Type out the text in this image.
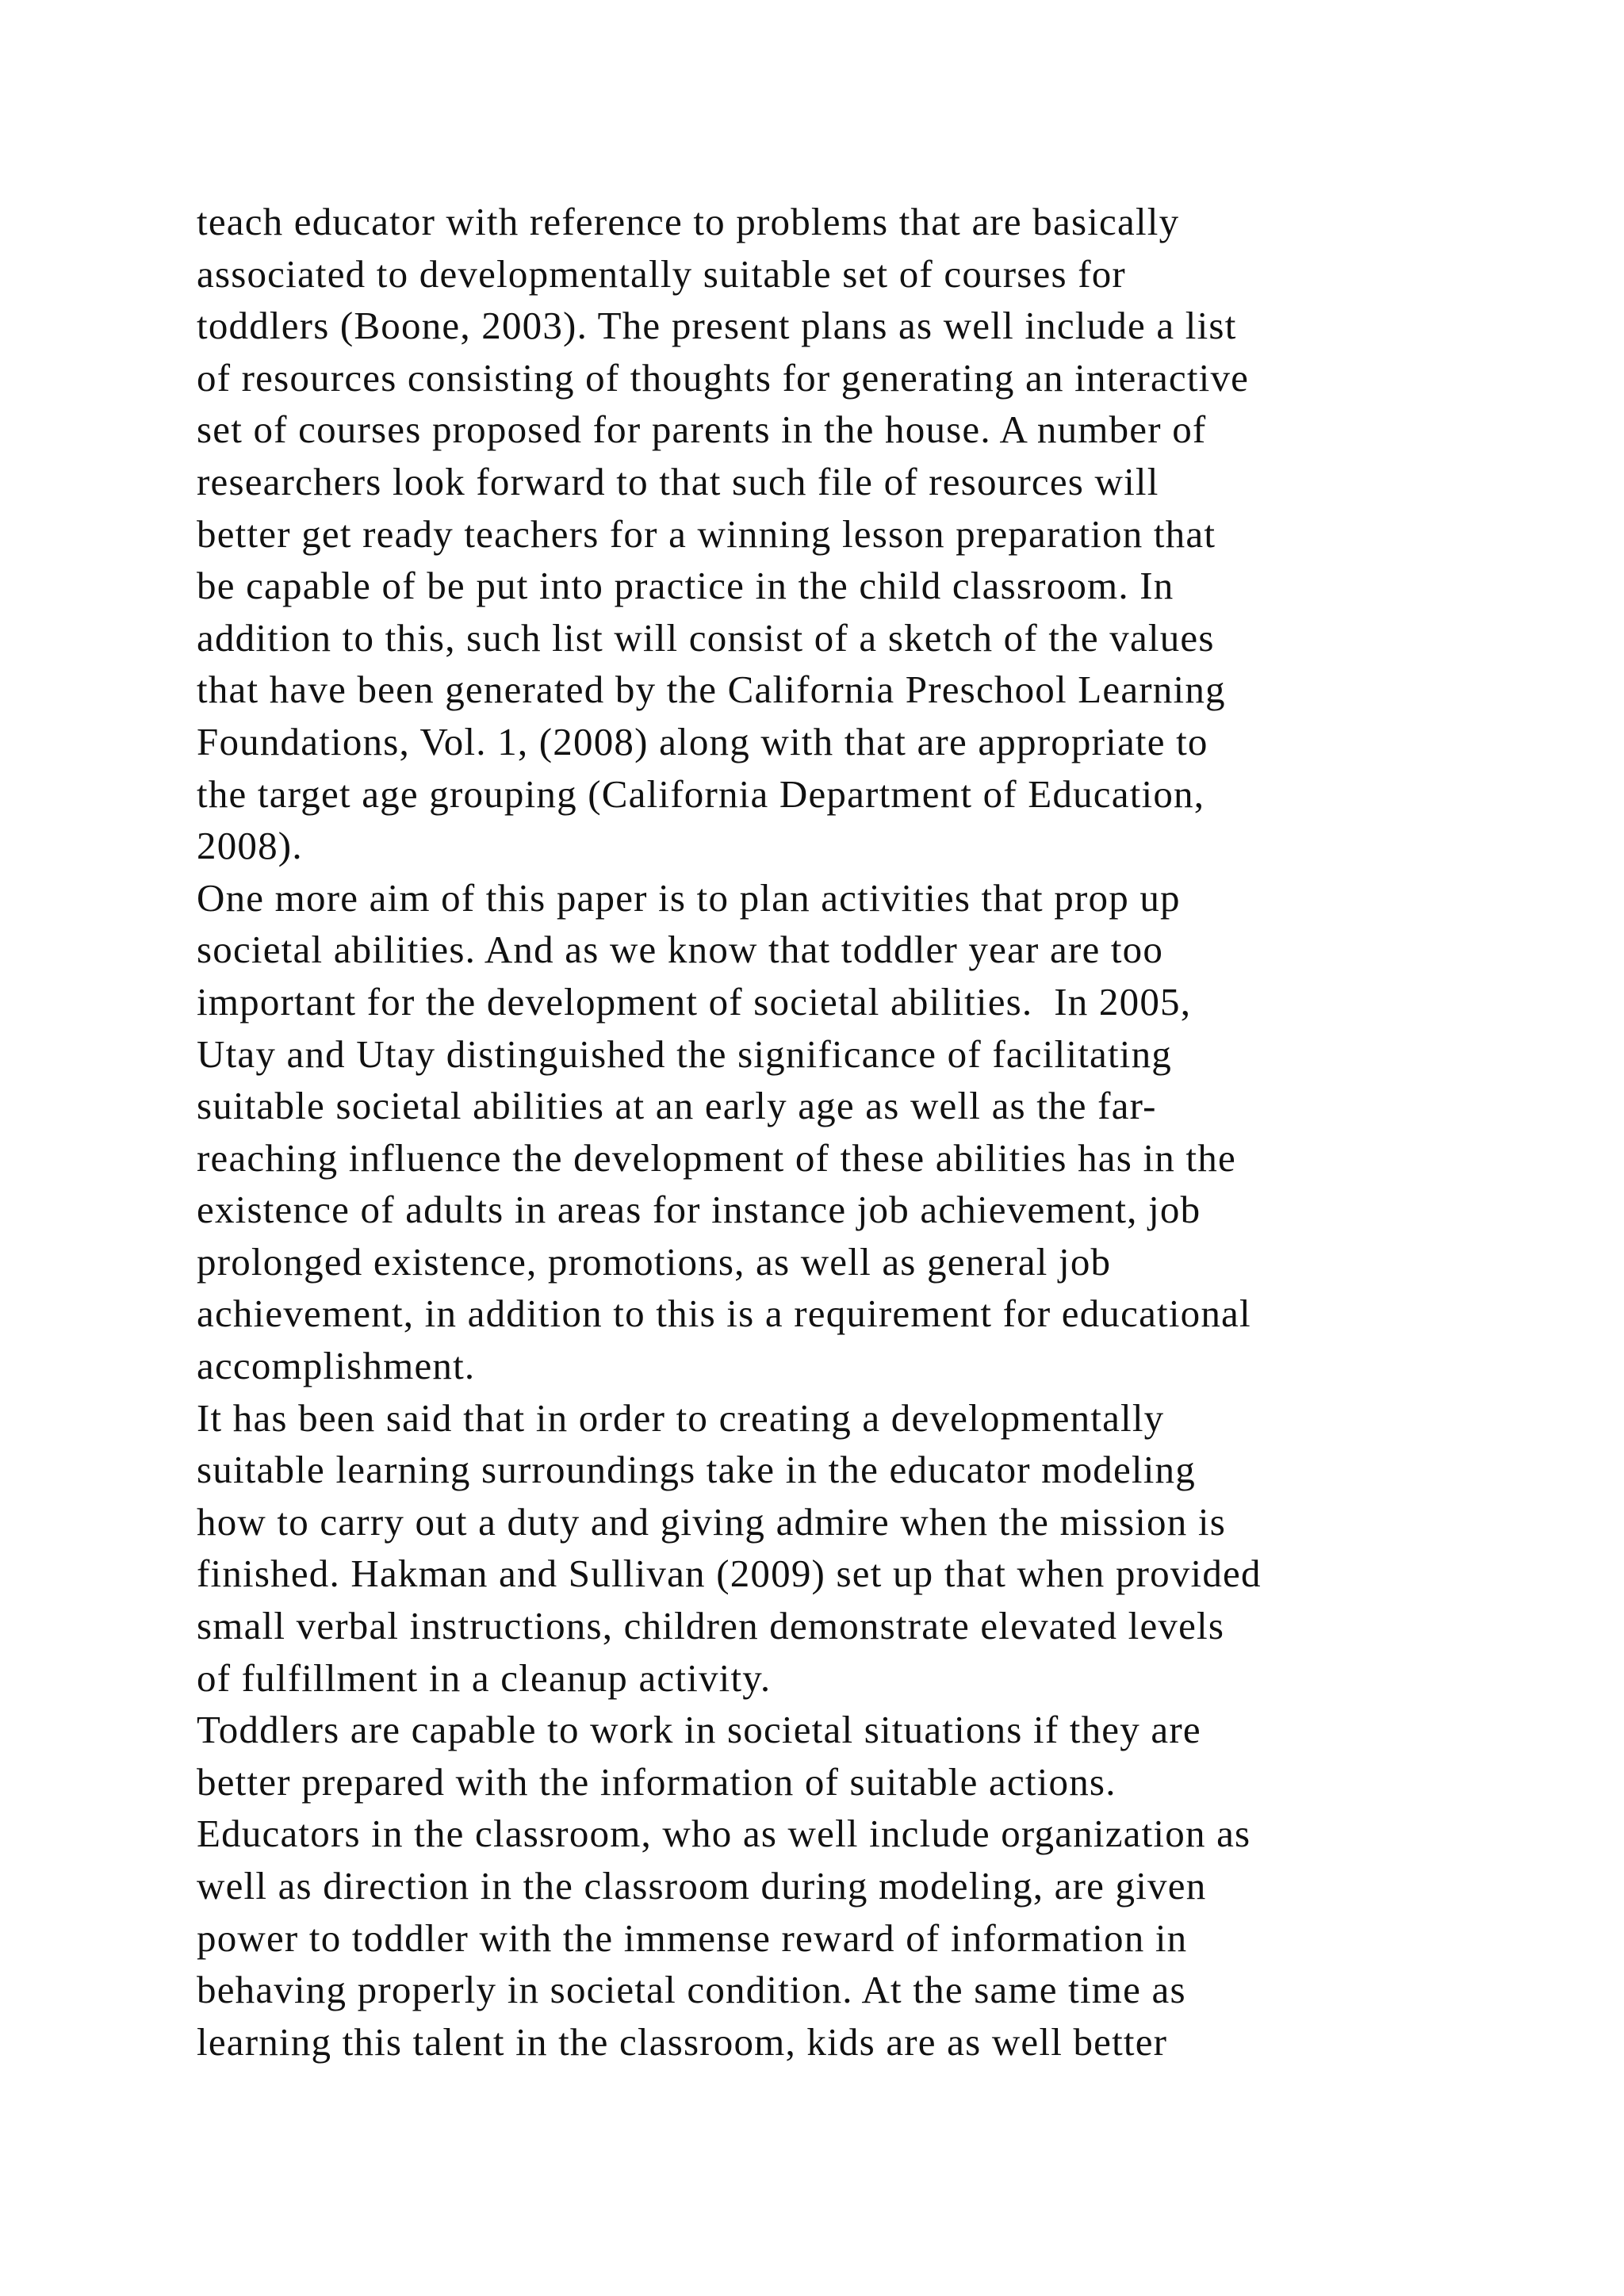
teach educator with reference to problems that are basically
associated to developmentally suitable set of courses for
toddlers (Boone, 2003). The present plans as well include a list
of resources consisting of thoughts for generating an interactive
set of courses proposed for parents in the house. A number of
researchers look forward to that such file of resources will
better get ready teachers for a winning lesson preparation that
be capable of be put into practice in the child classroom. In
addition to this, such list will consist of a sketch of the values
that have been generated by the California Preschool Learning
Foundations, Vol. 1, (2008) along with that are appropriate to
the target age grouping (California Department of Education,
2008).
One more aim of this paper is to plan activities that prop up
societal abilities. And as we know that toddler year are too
important for the development of societal abilities.  In 2005,
Utay and Utay distinguished the significance of facilitating
suitable societal abilities at an early age as well as the far-
reaching influence the development of these abilities has in the
existence of adults in areas for instance job achievement, job
prolonged existence, promotions, as well as general job
achievement, in addition to this is a requirement for educational
accomplishment.
It has been said that in order to creating a developmentally
suitable learning surroundings take in the educator modeling
how to carry out a duty and giving admire when the mission is
finished. Hakman and Sullivan (2009) set up that when provided
small verbal instructions, children demonstrate elevated levels
of fulfillment in a cleanup activity.
Toddlers are capable to work in societal situations if they are
better prepared with the information of suitable actions.
Educators in the classroom, who as well include organization as
well as direction in the classroom during modeling, are given
power to toddler with the immense reward of information in
behaving properly in societal condition. At the same time as
learning this talent in the classroom, kids are as well better
